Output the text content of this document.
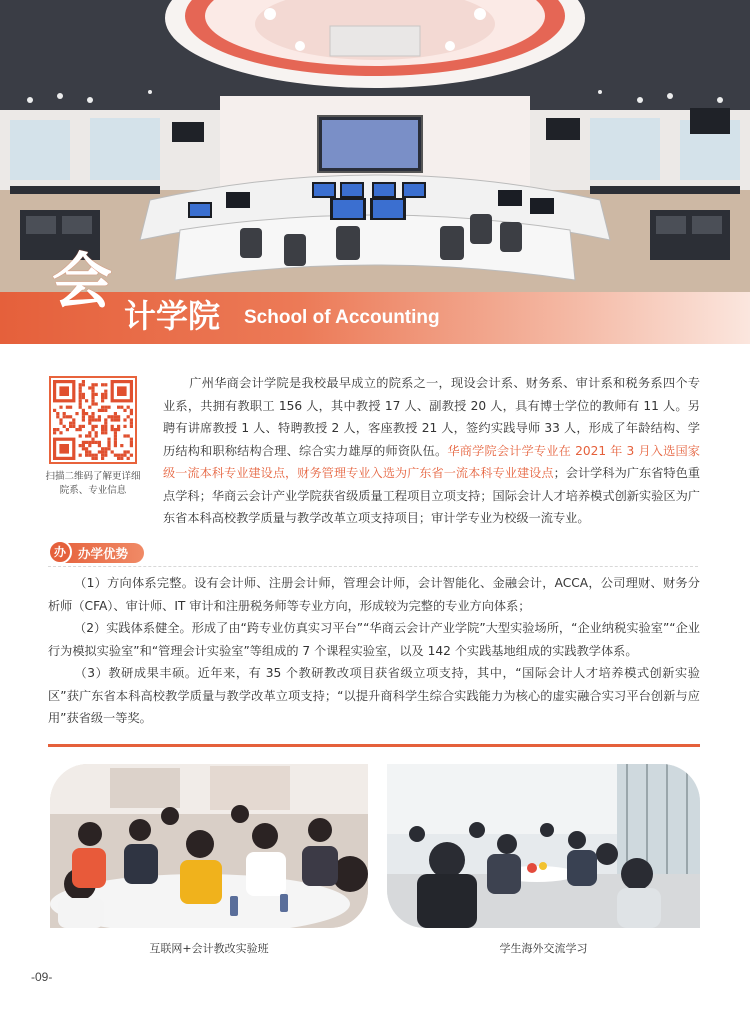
会 计学院 School of Accounting
扫描二维码了解更详细院系、专业信息
广州华商会计学院是我校最早成立的院系之一，现设会计系、财务系、审计系和税务系四个专业系，共拥有教职工 156 人，其中教授 17 人、副教授 20 人，具有博士学位的教师有 11 人。另聘有讲席教授 1 人、特聘教授 2 人，客座教授 21 人，签约实践导师 33 人，形成了年龄结构、学历结构和职称结构合理、综合实力雄厚的师资队伍。华商学院会计学专业在 2021 年 3 月入选国家级一流本科专业建设点，财务管理专业入选为广东省一流本科专业建设点；会计学科为广东省特色重点学科；华商云会计产业学院获省级质量工程项目立项支持；国际会计人才培养模式创新实验区为广东省本科高校教学质量与教学改革立项支持项目；审计学专业为校级一流专业。
办 办学优势

（1）方向体系完整。设有会计师、注册会计师，管理会计师，会计智能化、金融会计，ACCA，公司理财、财务分析师（CFA）、审计师、IT 审计和注册税务师等专业方向，形成较为完整的专业方向体系；

（2）实践体系健全。形成了由“跨专业仿真实习平台”“华商云会计产业学院”大型实验场所，“企业纳税实验室”“企业行为模拟实验室”和“管理会计实验室”等组成的 7 个课程实验室，以及 142 个实践基地组成的实践教学体系。

（3）教研成果丰硕。近年来，有 35 个教研教改项目获省级立项支持，其中，“国际会计人才培养模式创新实验区”获广东省本科高校教学质量与教学改革立项支持；“以提升商科学生综合实践能力为核心的虚实融合实习平台创新与应用”获省级一等奖。

互联网+会计教改实验班	学生海外交流学习
-09-
